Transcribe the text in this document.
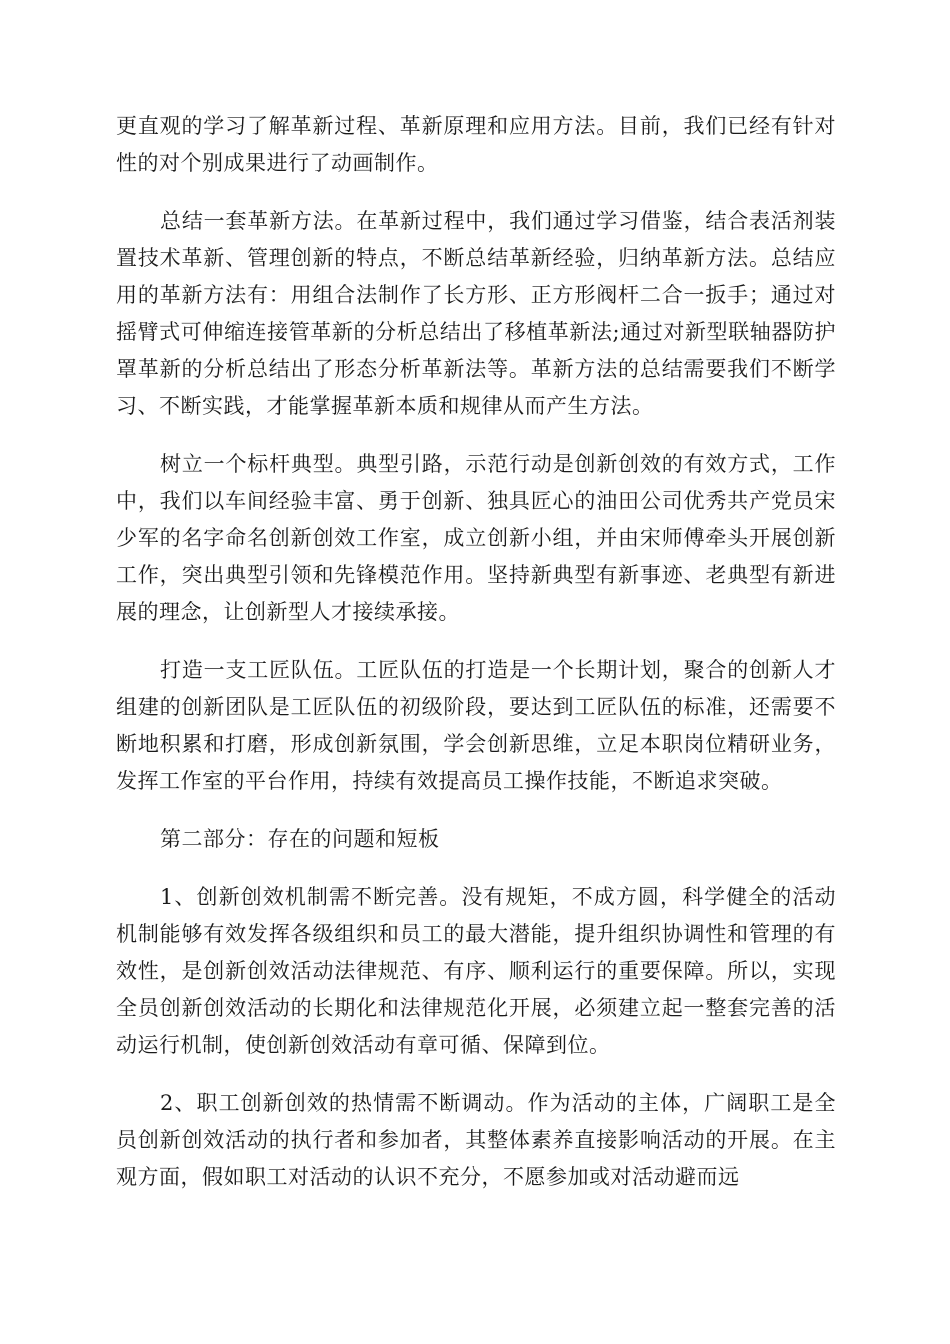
更直观的学习了解革新过程、革新原理和应用方法。目前，我们已经有针对性的对个别成果进行了动画制作。

总结一套革新方法。在革新过程中，我们通过学习借鉴，结合表活剂装置技术革新、管理创新的特点，不断总结革新经验，归纳革新方法。总结应用的革新方法有：用组合法制作了长方形、正方形阀杆二合一扳手；通过对摇臂式可伸缩连接管革新的分析总结出了移植革新法;通过对新型联轴器防护罩革新的分析总结出了形态分析革新法等。革新方法的总结需要我们不断学习、不断实践，才能掌握革新本质和规律从而产生方法。

树立一个标杆典型。典型引路，示范行动是创新创效的有效方式，工作中，我们以车间经验丰富、勇于创新、独具匠心的油田公司优秀共产党员宋少军的名字命名创新创效工作室，成立创新小组，并由宋师傅牵头开展创新工作，突出典型引领和先锋模范作用。坚持新典型有新事迹、老典型有新进展的理念，让创新型人才接续承接。

打造一支工匠队伍。工匠队伍的打造是一个长期计划，聚合的创新人才组建的创新团队是工匠队伍的初级阶段，要达到工匠队伍的标准，还需要不断地积累和打磨，形成创新氛围，学会创新思维，立足本职岗位精研业务，发挥工作室的平台作用，持续有效提高员工操作技能，不断追求突破。

第二部分：存在的问题和短板

1、创新创效机制需不断完善。没有规矩，不成方圆，科学健全的活动机制能够有效发挥各级组织和员工的最大潜能，提升组织协调性和管理的有效性，是创新创效活动法律规范、有序、顺利运行的重要保障。所以，实现全员创新创效活动的长期化和法律规范化开展，必须建立起一整套完善的活动运行机制，使创新创效活动有章可循、保障到位。

2、职工创新创效的热情需不断调动。作为活动的主体，广阔职工是全员创新创效活动的执行者和参加者，其整体素养直接影响活动的开展。在主观方面，假如职工对活动的认识不充分，不愿参加或对活动避而远
